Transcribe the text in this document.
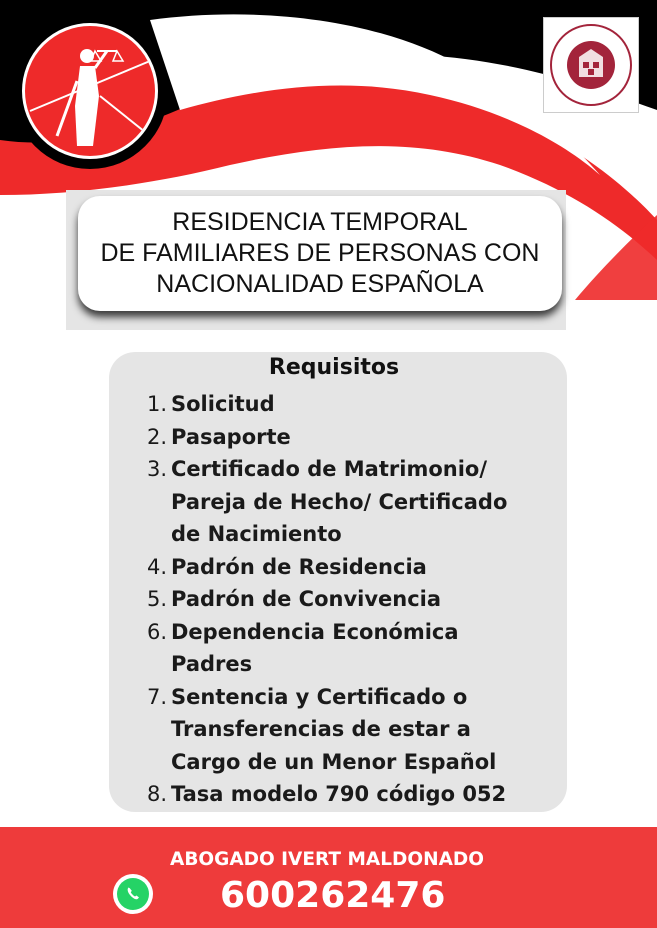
RESIDENCIA TEMPORAL
DE FAMILIARES DE PERSONAS CON
NACIONALIDAD ESPAÑOLA
Requisitos
1. Solicitud
2. Pasaporte
3. Certificado de Matrimonio/ Pareja de Hecho/ Certificado de Nacimiento
4. Padrón de Residencia
5. Padrón de Convivencia
6. Dependencia Económica Padres
7. Sentencia y Certificado o Transferencias de estar a Cargo de un Menor Español
8. Tasa modelo 790 código 052
ABOGADO IVERT MALDONADO
600262476
